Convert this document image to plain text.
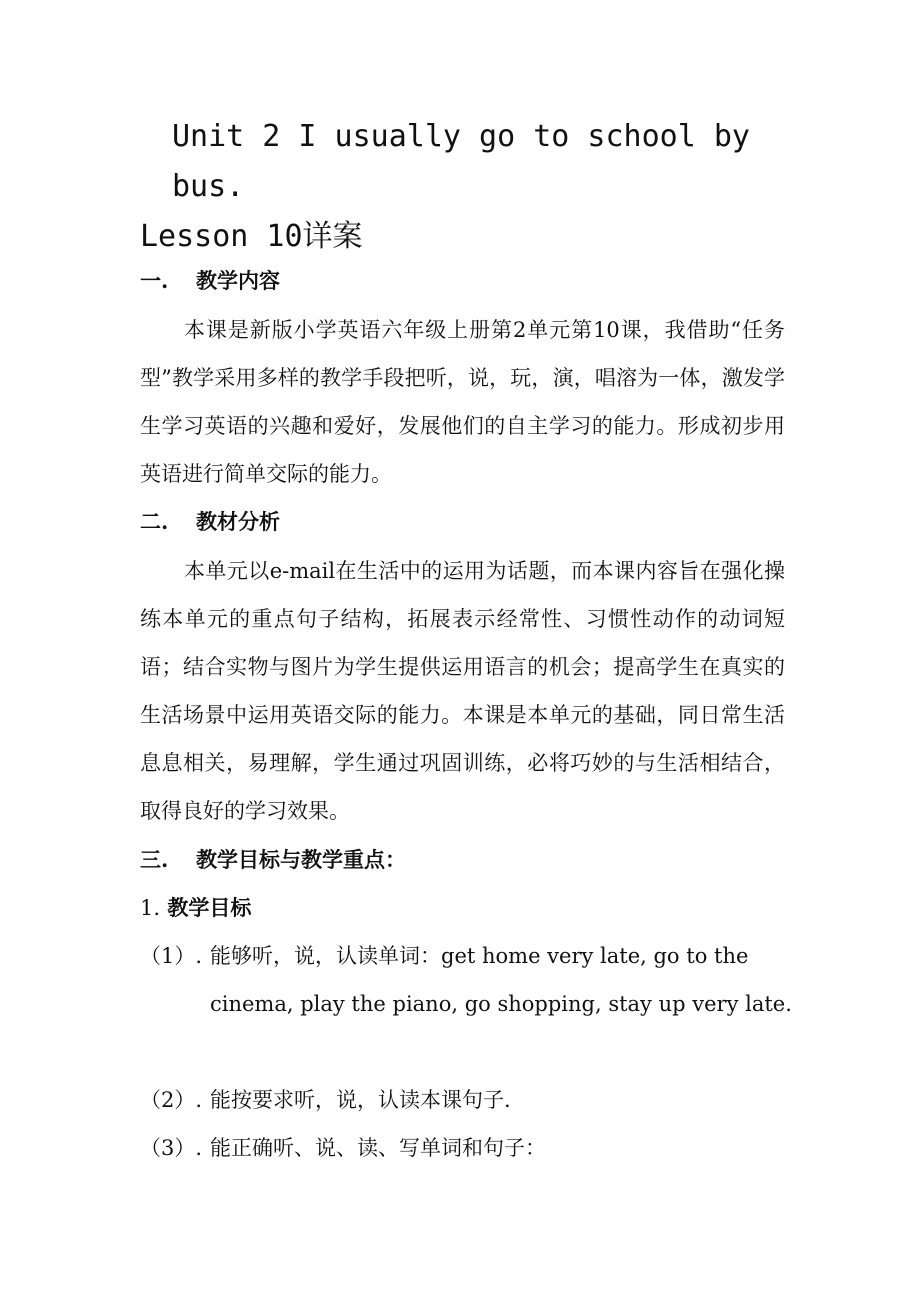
Unit 2 I usually go to school by bus.
Lesson 10详案
一. 教学内容

本课是新版小学英语六年级上册第2单元第10课，我借助“任务型”教学采用多样的教学手段把听，说，玩，演，唱溶为一体，激发学生学习英语的兴趣和爱好，发展他们的自主学习的能力。形成初步用英语进行简单交际的能力。

二. 教材分析

本单元以e-mail在生活中的运用为话题，而本课内容旨在强化操练本单元的重点句子结构，拓展表示经常性、习惯性动作的动词短语；结合实物与图片为学生提供运用语言的机会；提高学生在真实的生活场景中运用英语交际的能力。本课是本单元的基础，同日常生活息息相关，易理解，学生通过巩固训练，必将巧妙的与生活相结合，取得良好的学习效果。

三. 教学目标与教学重点：
1. 教学目标

（1）. 能够听，说，认读单词：get home very late, go to the cinema, play the piano, go shopping, stay up very late.

（2）. 能按要求听，说，认读本课句子.

（3）. 能正确听、说、读、写单词和句子：
